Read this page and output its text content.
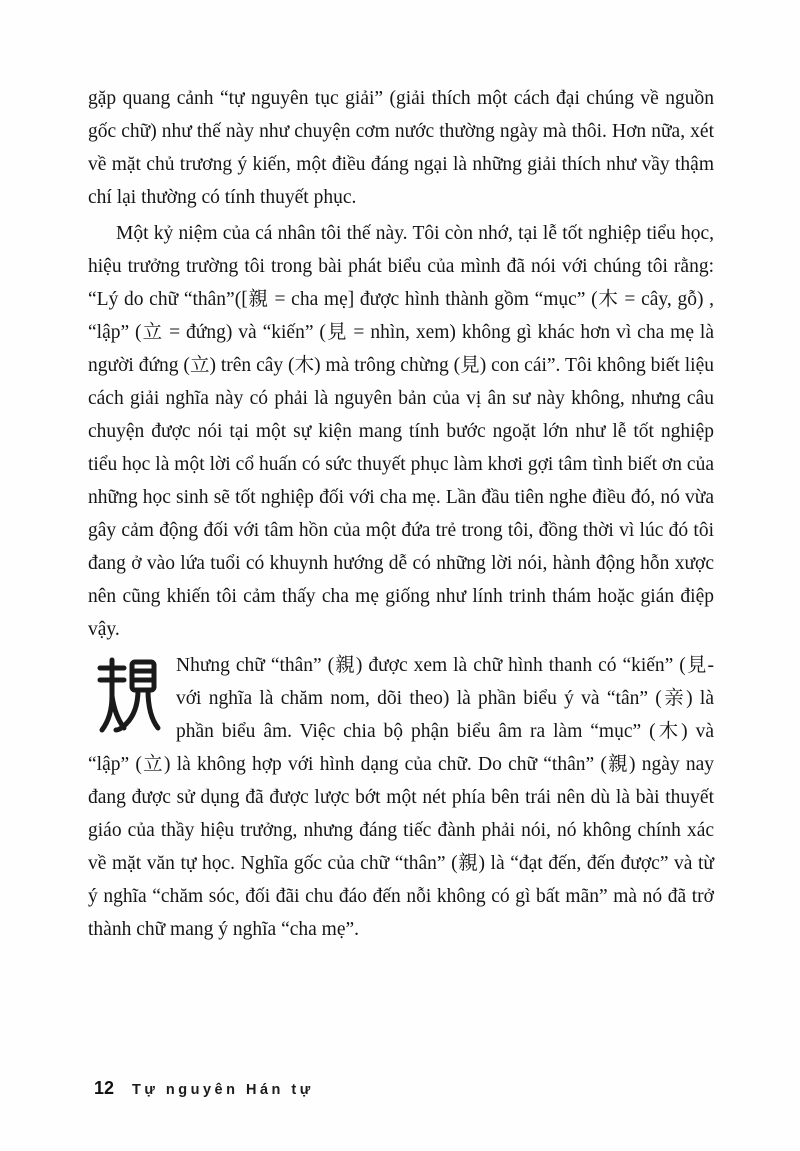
gặp quang cảnh “tự nguyên tục giải” (giải thích một cách đại chúng về nguồn gốc chữ) như thế này như chuyện cơm nước thường ngày mà thôi. Hơn nữa, xét về mặt chủ trương ý kiến, một điều đáng ngại là những giải thích như vầy thậm chí lại thường có tính thuyết phục.

Một kỷ niệm của cá nhân tôi thế này. Tôi còn nhớ, tại lễ tốt nghiệp tiểu học, hiệu trưởng trường tôi trong bài phát biểu của mình đã nói với chúng tôi rằng: “Lý do chữ “thân”([親 = cha mẹ] được hình thành gồm “mục” (木 = cây, gỗ) , “lập” (立 = đứng) và “kiến” (見 = nhìn, xem) không gì khác hơn vì cha mẹ là người đứng (立) trên cây (木) mà trông chừng (見) con cái”. Tôi không biết liệu cách giải nghĩa này có phải là nguyên bản của vị ân sư này không, nhưng câu chuyện được nói tại một sự kiện mang tính bước ngoặt lớn như lễ tốt nghiệp tiểu học là một lời cổ huấn có sức thuyết phục làm khơi gợi tâm tình biết ơn của những học sinh sẽ tốt nghiệp đối với cha mẹ. Lần đầu tiên nghe điều đó, nó vừa gây cảm động đối với tâm hồn của một đứa trẻ trong tôi, đồng thời vì lúc đó tôi đang ở vào lứa tuổi có khuynh hướng dễ có những lời nói, hành động hỗn xược nên cũng khiến tôi cảm thấy cha mẹ giống như lính trinh thám hoặc gián điệp vậy.

Nhưng chữ “thân” (親) được xem là chữ hình thanh có “kiến” (見-với nghĩa là chăm nom, dõi theo) là phần biểu ý và “tân” (亲) là phần biểu âm. Việc chia bộ phận biểu âm ra làm “mục” (木) và “lập” (立) là không hợp với hình dạng của chữ. Do chữ “thân” (親) ngày nay đang được sử dụng đã được lược bớt một nét phía bên trái nên dù là bài thuyết giáo của thầy hiệu trưởng, nhưng đáng tiếc đành phải nói, nó không chính xác về mặt văn tự học. Nghĩa gốc của chữ “thân” (親) là “đạt đến, đến được” và từ ý nghĩa “chăm sóc, đối đãi chu đáo đến nỗi không có gì bất mãn” mà nó đã trở thành chữ mang ý nghĩa “cha mẹ”.
12 Tự nguyên Hán tự
